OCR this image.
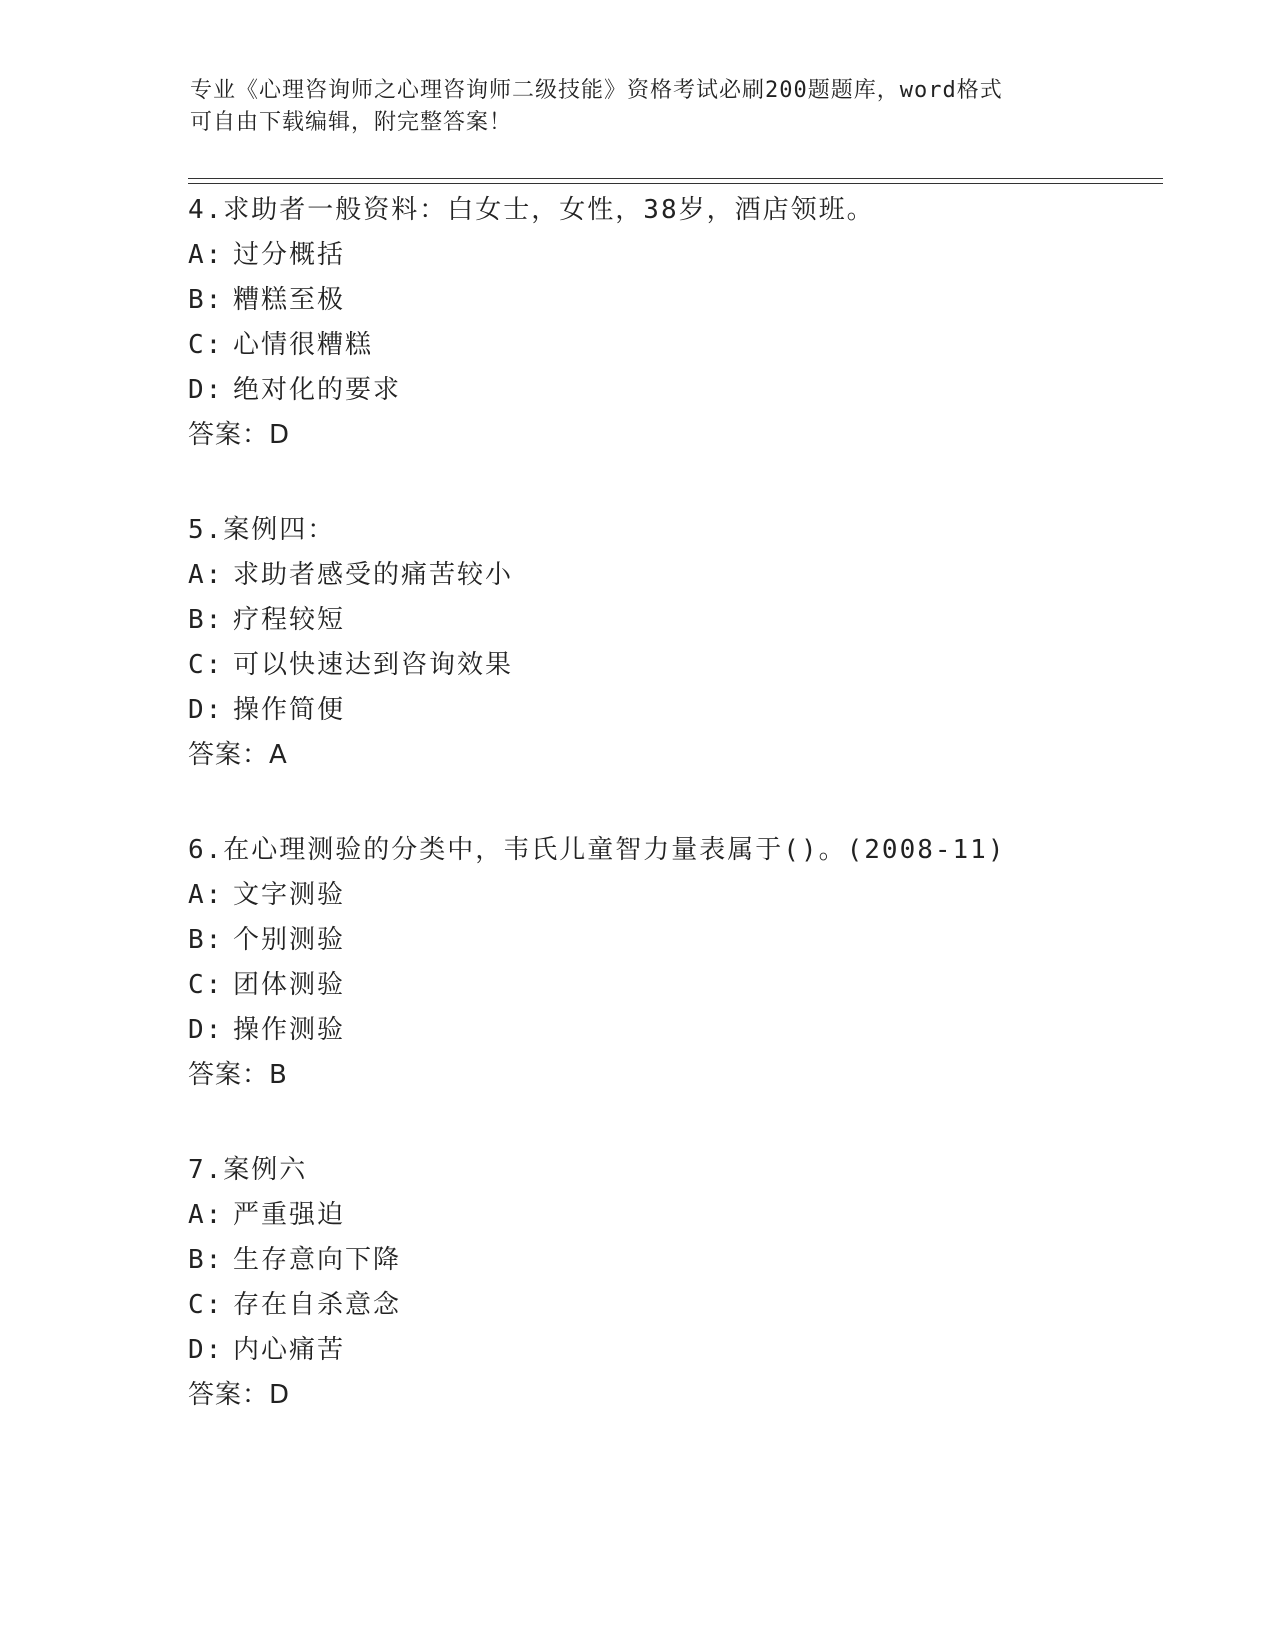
专业《心理咨询师之心理咨询师二级技能》资格考试必刷200题题库，word格式
可自由下载编辑，附完整答案！
4.求助者一般资料：白女士，女性，38岁，酒店领班。
A: 过分概括
B: 糟糕至极
C: 心情很糟糕
D: 绝对化的要求
答案：D
5.案例四：
A: 求助者感受的痛苦较小
B: 疗程较短
C: 可以快速达到咨询效果
D: 操作简便
答案：A
6.在心理测验的分类中，韦氏儿童智力量表属于()。(2008-11)
A: 文字测验
B: 个别测验
C: 团体测验
D: 操作测验
答案：B
7.案例六
A: 严重强迫
B: 生存意向下降
C: 存在自杀意念
D: 内心痛苦
答案：D
